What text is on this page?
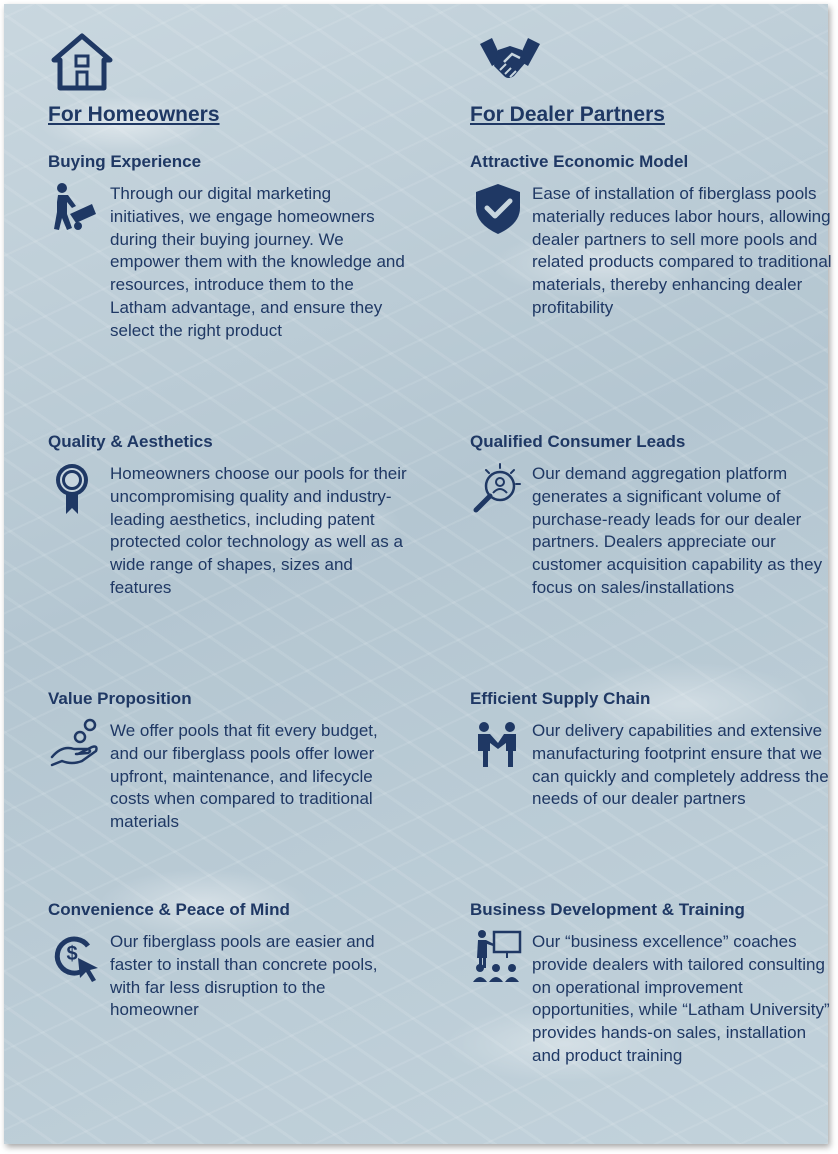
For Homeowners
Buying Experience

Through our digital marketing initiatives, we engage homeowners during their buying journey. We empower them with the knowledge and resources, introduce them to the Latham advantage, and ensure they select the right product

Quality & Aesthetics

Homeowners choose our pools for their uncompromising quality and industry-leading aesthetics, including patent protected color technology as well as a wide range of shapes, sizes and features

Value Proposition

We offer pools that fit every budget, and our fiberglass pools offer lower upfront, maintenance, and lifecycle costs when compared to traditional materials

Convenience & Peace of Mind
$

Our fiberglass pools are easier and faster to install than concrete pools, with far less disruption to the homeowner

For Dealer Partners
Attractive Economic Model

Ease of installation of fiberglass pools materially reduces labor hours, allowing dealer partners to sell more pools and related products compared to traditional materials, thereby enhancing dealer profitability

Qualified Consumer Leads

Our demand aggregation platform generates a significant volume of purchase-ready leads for our dealer partners. Dealers appreciate our customer acquisition capability as they focus on sales/installations

Efficient Supply Chain

Our delivery capabilities and extensive manufacturing footprint ensure that we can quickly and completely address the needs of our dealer partners

Business Development & Training

Our “business excellence” coaches provide dealers with tailored consulting on operational improvement opportunities, while “Latham University” provides hands-on sales, installation and product training
